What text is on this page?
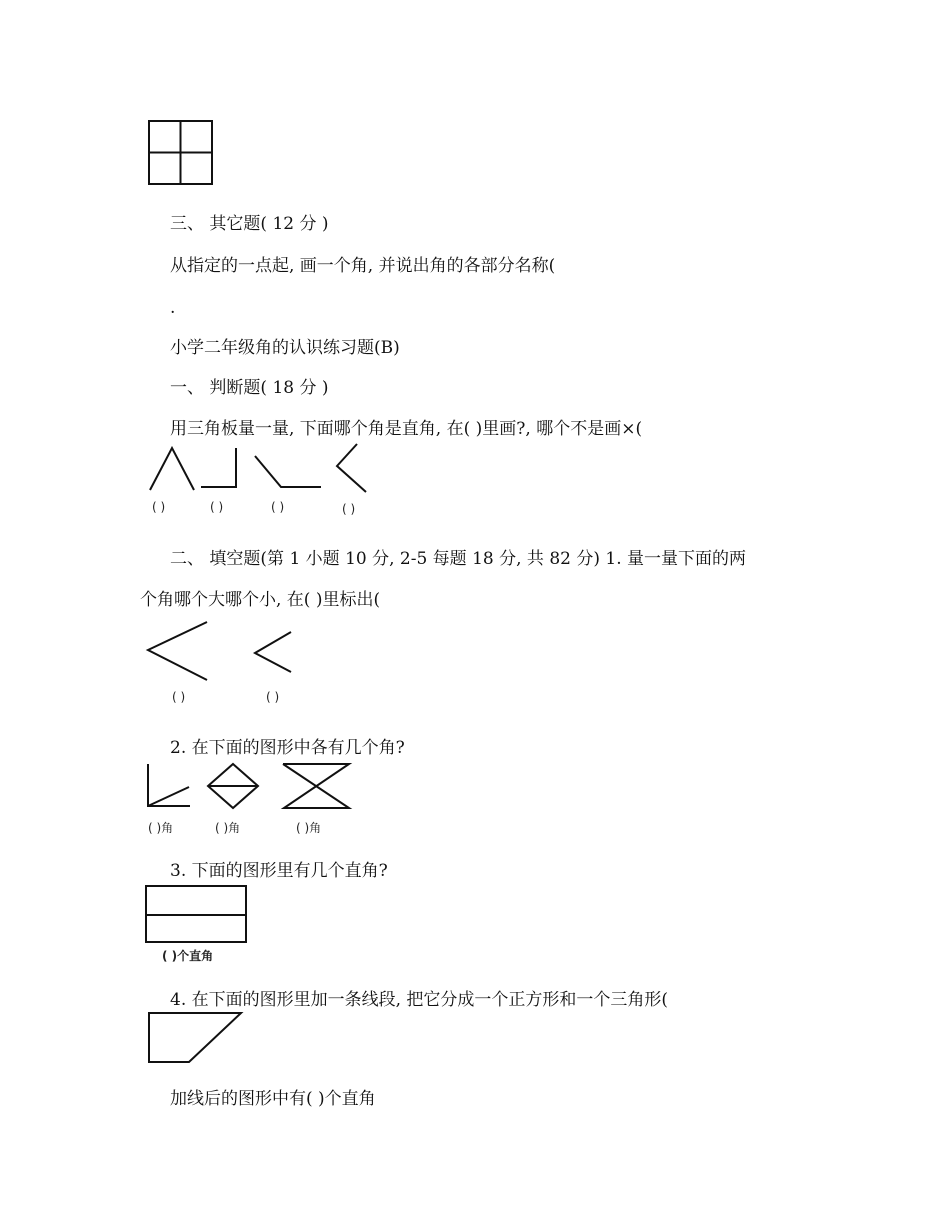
三、 其它题( 12 分 )
从指定的一点起, 画一个角, 并说出角的各部分名称(
.
小学二年级角的认识练习题(B)
一、 判断题( 18 分 )
用三角板量一量, 下面哪个角是直角, 在( )里画?, 哪个不是画×(
( )	( )	( )	( )
二、 填空题(第 1 小题 10 分, 2-5 每题 18 分, 共 82 分) 1. 量一量下面的两
个角哪个大哪个小, 在( )里标出(
( )	( )
2. 在下面的图形中各有几个角?
( )角	( )角	( )角
3. 下面的图形里有几个直角?
( )个直角
4. 在下面的图形里加一条线段, 把它分成一个正方形和一个三角形(
加线后的图形中有( )个直角
